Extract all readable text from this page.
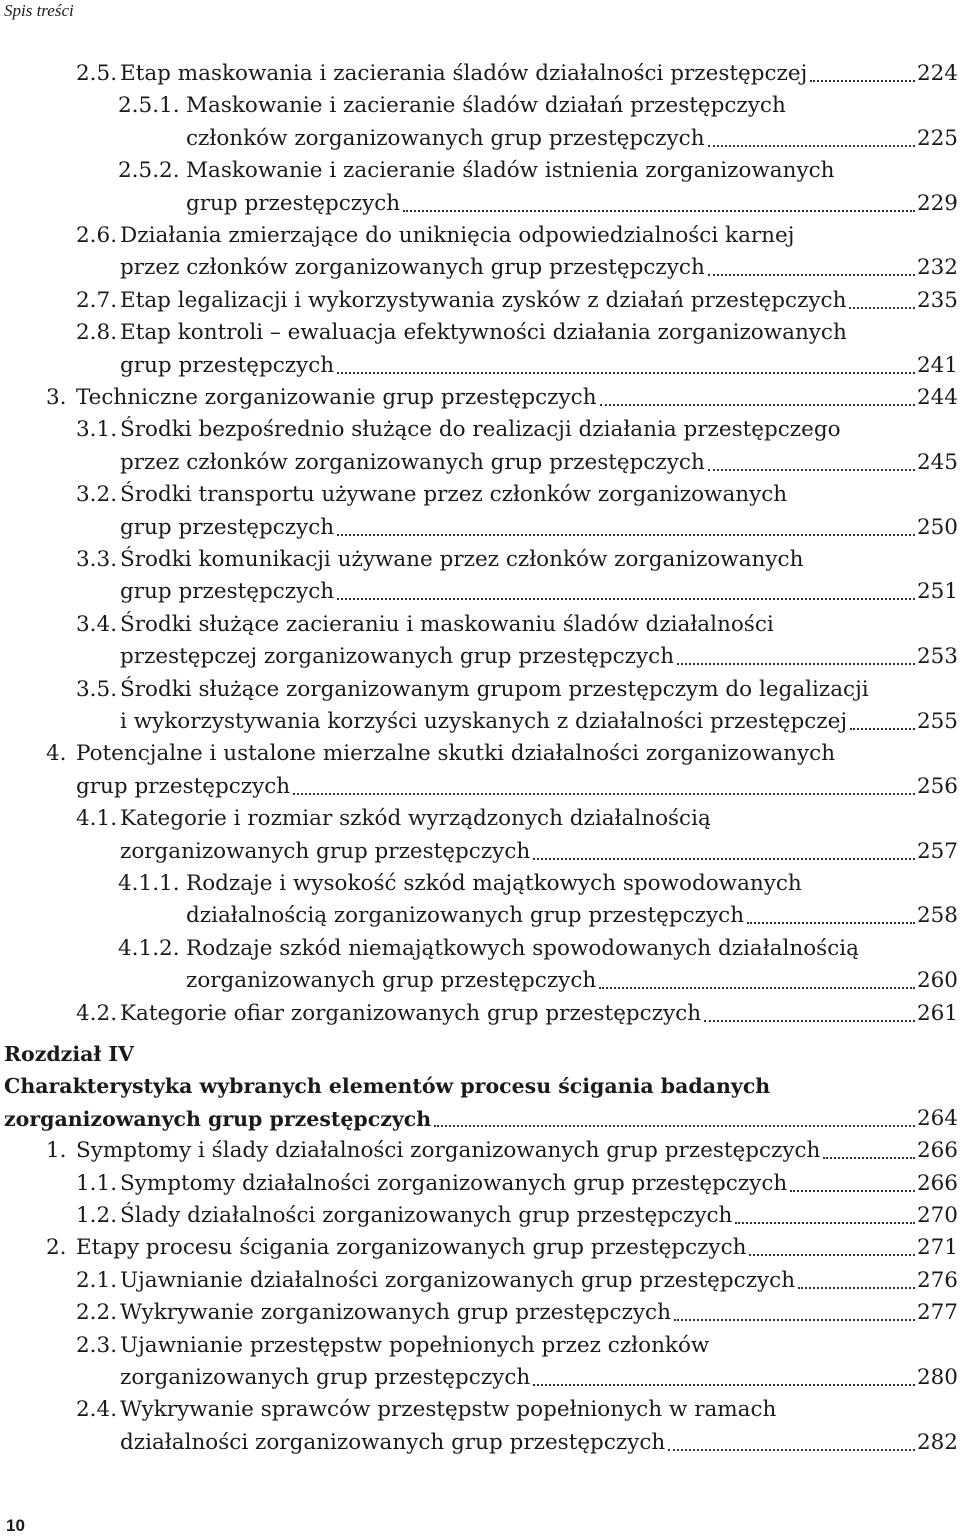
Spis treści
2.5. Etap maskowania i zacierania śladów działalności przestępczej	224
2.5.1. Maskowanie i zacieranie śladów działań przestępczych
członków zorganizowanych grup przestępczych	225
2.5.2. Maskowanie i zacieranie śladów istnienia zorganizowanych
grup przestępczych	229
2.6. Działania zmierzające do uniknięcia odpowiedzialności karnej
przez członków zorganizowanych grup przestępczych	232
2.7. Etap legalizacji i wykorzystywania zysków z działań przestępczych	235
2.8. Etap kontroli – ewaluacja efektywności działania zorganizowanych
grup przestępczych	241
3. Techniczne zorganizowanie grup przestępczych	244
3.1. Środki bezpośrednio służące do realizacji działania przestępczego
przez członków zorganizowanych grup przestępczych	245
3.2. Środki transportu używane przez członków zorganizowanych
grup przestępczych	250
3.3. Środki komunikacji używane przez członków zorganizowanych
grup przestępczych	251
3.4. Środki służące zacieraniu i maskowaniu śladów działalności
przestępczej zorganizowanych grup przestępczych	253
3.5. Środki służące zorganizowanym grupom przestępczym do legalizacji
i wykorzystywania korzyści uzyskanych z działalności przestępczej	255
4. Potencjalne i ustalone mierzalne skutki działalności zorganizowanych
grup przestępczych	256
4.1. Kategorie i rozmiar szkód wyrządzonych działalnością
zorganizowanych grup przestępczych	257
4.1.1. Rodzaje i wysokość szkód majątkowych spowodowanych
działalnością zorganizowanych grup przestępczych	258
4.1.2. Rodzaje szkód niemajątkowych spowodowanych działalnością
zorganizowanych grup przestępczych	260
4.2. Kategorie ofiar zorganizowanych grup przestępczych	261
Rozdział IV
Charakterystyka wybranych elementów procesu ścigania badanych
zorganizowanych grup przestępczych	264
1. Symptomy i ślady działalności zorganizowanych grup przestępczych	266
1.1. Symptomy działalności zorganizowanych grup przestępczych	266
1.2. Ślady działalności zorganizowanych grup przestępczych	270
2. Etapy procesu ścigania zorganizowanych grup przestępczych	271
2.1. Ujawnianie działalności zorganizowanych grup przestępczych	276
2.2. Wykrywanie zorganizowanych grup przestępczych	277
2.3. Ujawnianie przestępstw popełnionych przez członków
zorganizowanych grup przestępczych	280
2.4. Wykrywanie sprawców przestępstw popełnionych w ramach
działalności zorganizowanych grup przestępczych	282
10
